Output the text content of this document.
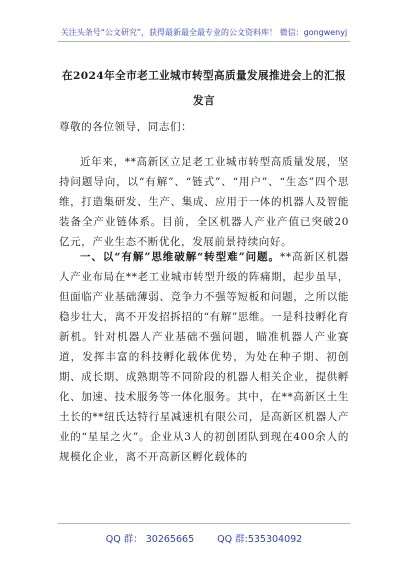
关注头条号“公文研究”，获得最新最全最专业的公文资料库！ 微信：gongwenyj
在2024年全市老工业城市转型高质量发展推进会上的汇报发言
尊敬的各位领导，同志们：
近年来，**高新区立足老工业城市转型高质量发展，坚持问题导向，以“有解”、“链式”、“用户”、“生态”四个思维，打造集研发、生产、集成、应用于一体的机器人及智能装备全产业链体系。目前，全区机器人产业产值已突破20亿元，产业生态不断优化，发展前景持续向好。
一、以“有解”思维破解“转型难”问题。**高新区机器人产业布局在**老工业城市转型升级的阵痛期，起步虽早，但面临产业基础薄弱、竞争力不强等短板和问题，之所以能稳步壮大，离不开发招拆招的“有解”思维。一是科技孵化育新机。针对机器人产业基础不强问题，瞄准机器人产业赛道，发挥丰富的科技孵化载体优势，为处在种子期、初创期、成长期、成熟期等不同阶段的机器人相关企业，提供孵化、加速、技术服务等一体化服务。其中，在**高新区土生土长的**纽氏达特行星减速机有限公司，是高新区机器人产业的“星星之火”。企业从3人的初创团队到现在400余人的规模化企业，离不开高新区孵化载体的
QQ 群： 30265665 QQ 群:535304092
